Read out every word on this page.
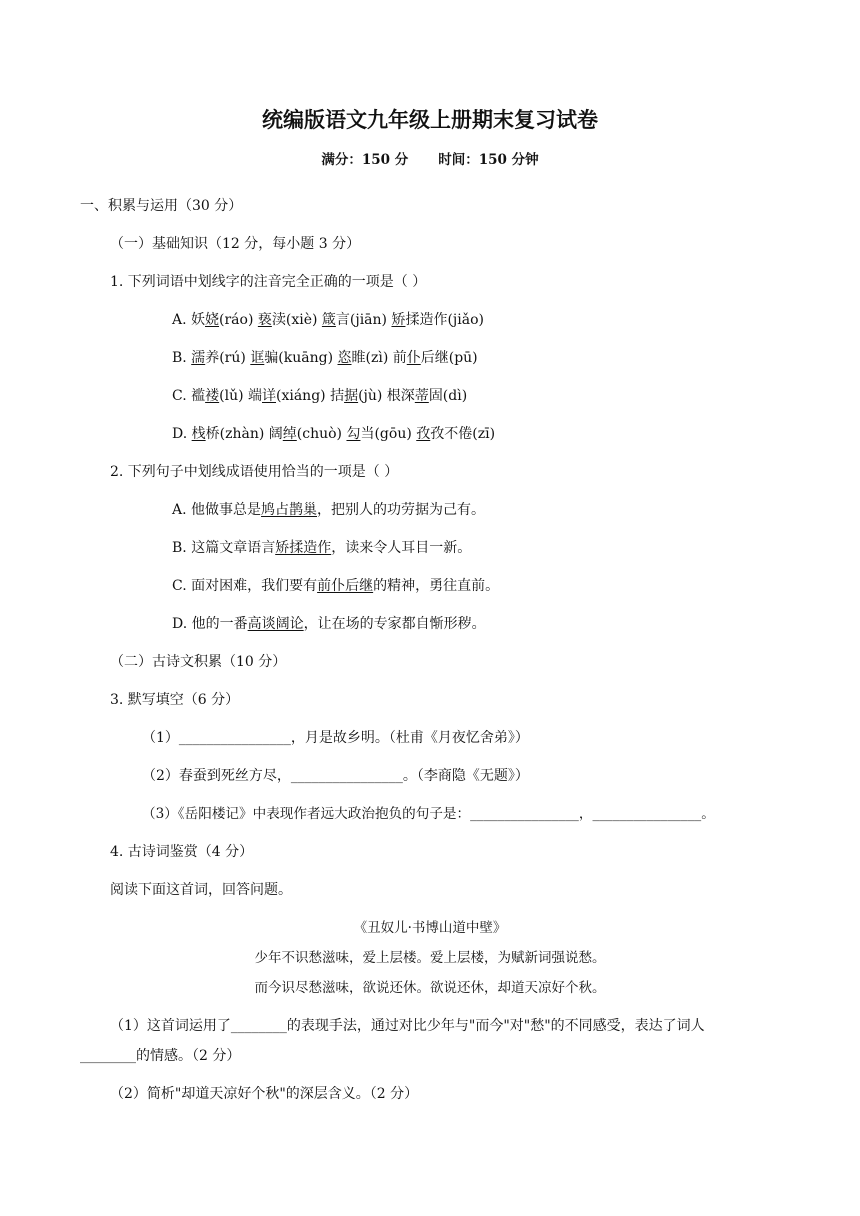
统编版语文九年级上册期末复习试卷
满分：150 分 时间：150 分钟
一、积累与运用（30 分）
（一）基础知识（12 分，每小题 3 分）
1. 下列词语中划线字的注音完全正确的一项是（ ）
A. 妖娆(ráo) 亵渎(xiè) 箴言(jiān) 矫揉造作(jiǎo)
B. 濡养(rú) 诓骗(kuāng) 恣睢(zì) 前仆后继(pū)
C. 褴褛(lǔ) 端详(xiáng) 拮据(jù) 根深蒂固(dì)
D. 栈桥(zhàn) 阔绰(chuò) 勾当(gōu) 孜孜不倦(zī)
2. 下列句子中划线成语使用恰当的一项是（ ）
A. 他做事总是鸠占鹊巢，把别人的功劳据为己有。
B. 这篇文章语言矫揉造作，读来令人耳目一新。
C. 面对困难，我们要有前仆后继的精神，勇往直前。
D. 他的一番高谈阔论，让在场的专家都自惭形秽。
（二）古诗文积累（10 分）
3. 默写填空（6 分）
（1）________________，月是故乡明。（杜甫《月夜忆舍弟》）
（2）春蚕到死丝方尽，________________。（李商隐《无题》）
（3）《岳阳楼记》中表现作者远大政治抱负的句子是：________________，________________。
4. 古诗词鉴赏（4 分）
阅读下面这首词，回答问题。
《丑奴儿·书博山道中壁》
少年不识愁滋味，爱上层楼。爱上层楼，为赋新词强说愁。
而今识尽愁滋味，欲说还休。欲说还休，却道天凉好个秋。
（1）这首词运用了________的表现手法，通过对比少年与"而今"对"愁"的不同感受，表达了词人
________的情感。（2 分）
（2）简析"却道天凉好个秋"的深层含义。（2 分）
